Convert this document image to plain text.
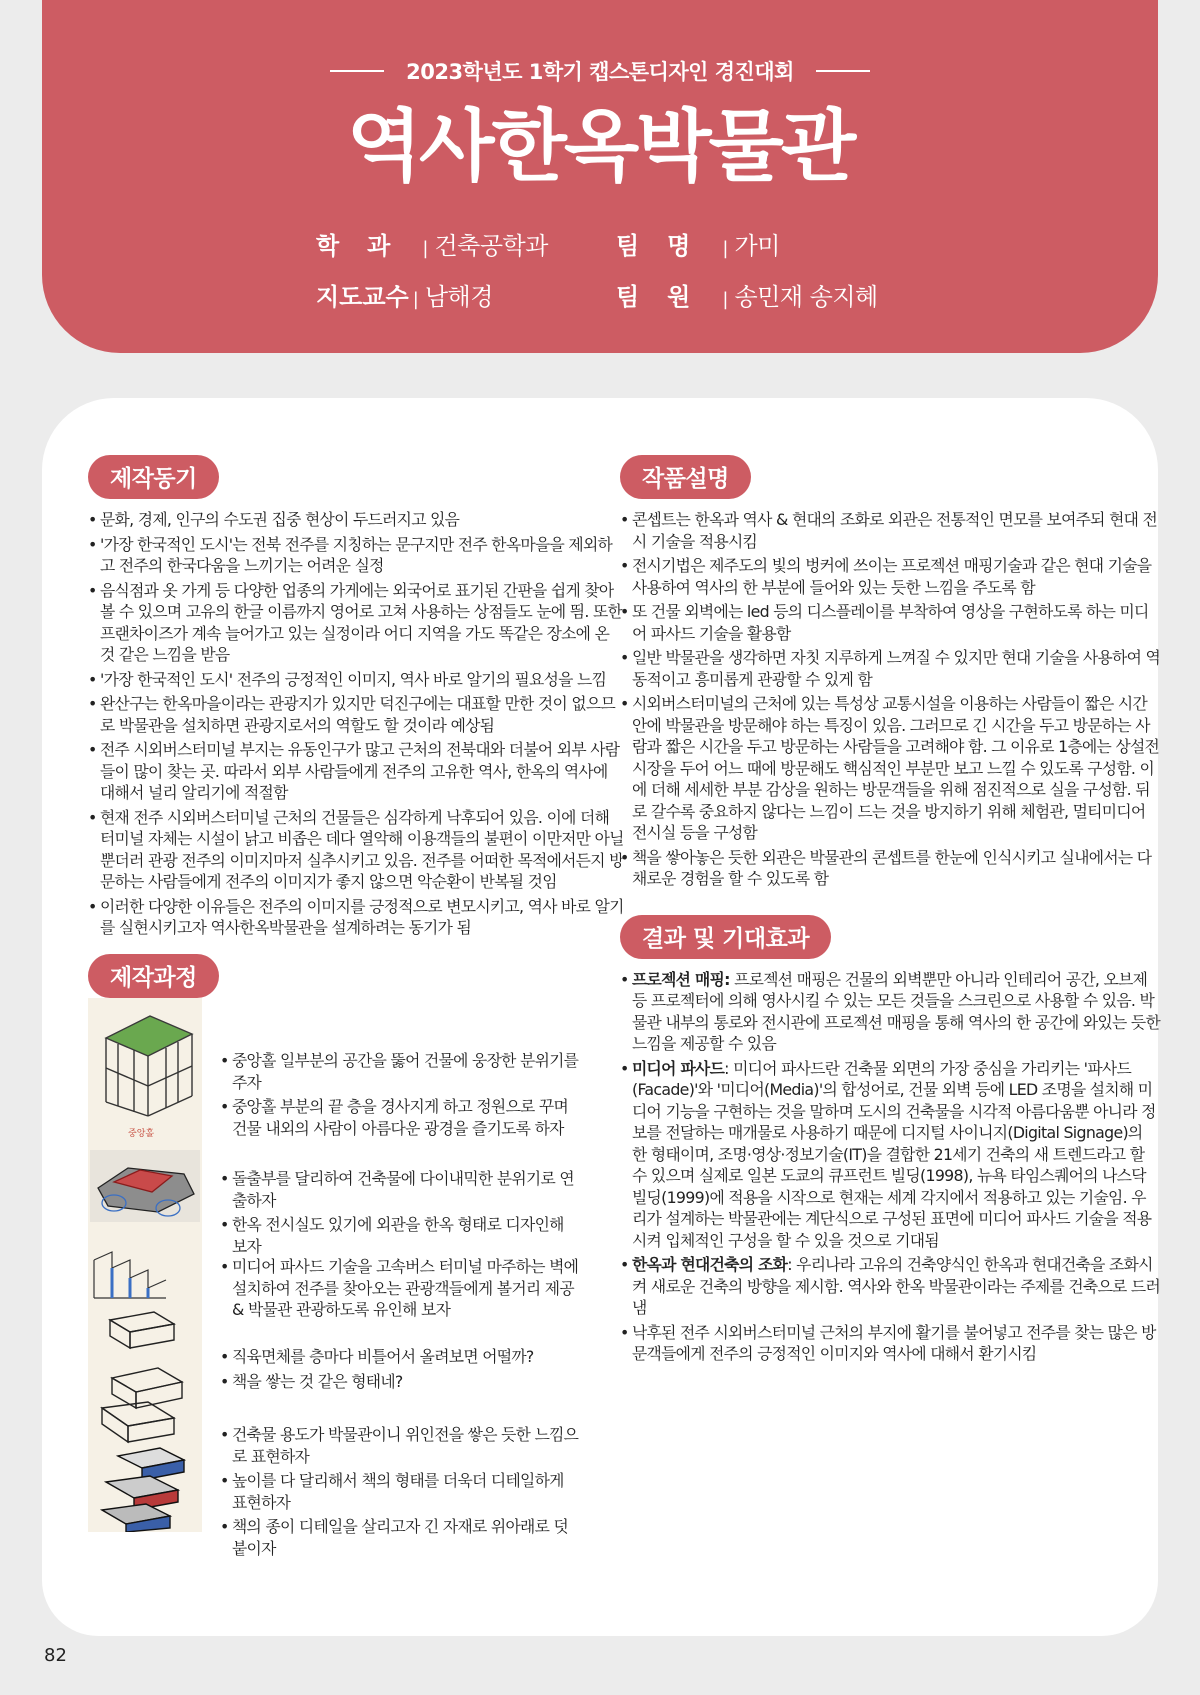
2023학년도 1학기 캡스톤디자인 경진대회
역사한옥박물관
학과 | 건축공학과	팀명 | 가미
지도교수 | 남해경	팀원 | 송민재 송지혜
제작동기
• 문화, 경제, 인구의 수도권 집중 현상이 두드러지고 있음
• '가장 한국적인 도시'는 전북 전주를 지칭하는 문구지만 전주 한옥마을을 제외하고 전주의 한국다움을 느끼기는 어려운 실정
• 음식점과 옷 가게 등 다양한 업종의 가게에는 외국어로 표기된 간판을 쉽게 찾아볼 수 있으며 고유의 한글 이름까지 영어로 고쳐 사용하는 상점들도 눈에 띔. 또한 프랜차이즈가 계속 늘어가고 있는 실정이라 어디 지역을 가도 똑같은 장소에 온 것 같은 느낌을 받음
• '가장 한국적인 도시' 전주의 긍정적인 이미지, 역사 바로 알기의 필요성을 느낌
• 완산구는 한옥마을이라는 관광지가 있지만 덕진구에는 대표할 만한 것이 없으므로 박물관을 설치하면 관광지로서의 역할도 할 것이라 예상됨
• 전주 시외버스터미널 부지는 유동인구가 많고 근처의 전북대와 더불어 외부 사람들이 많이 찾는 곳. 따라서 외부 사람들에게 전주의 고유한 역사, 한옥의 역사에 대해서 널리 알리기에 적절함
• 현재 전주 시외버스터미널 근처의 건물들은 심각하게 낙후되어 있음. 이에 더해 터미널 자체는 시설이 낡고 비좁은 데다 열악해 이용객들의 불편이 이만저만 아닐뿐더러 관광 전주의 이미지마저 실추시키고 있음. 전주를 어떠한 목적에서든지 방문하는 사람들에게 전주의 이미지가 좋지 않으면 악순환이 반복될 것임
• 이러한 다양한 이유들은 전주의 이미지를 긍정적으로 변모시키고, 역사 바로 알기를 실현시키고자 역사한옥박물관을 설계하려는 동기가 됨
제작과정
중앙홀
• 중앙홀 일부분의 공간을 뚫어 건물에 웅장한 분위기를 주자
• 중앙홀 부분의 끝 층을 경사지게 하고 정원으로 꾸며 건물 내외의 사람이 아름다운 광경을 즐기도록 하자
• 돌출부를 달리하여 건축물에 다이내믹한 분위기로 연출하자
• 한옥 전시실도 있기에 외관을 한옥 형태로 디자인해 보자
• 미디어 파사드 기술을 고속버스 터미널 마주하는 벽에 설치하여 전주를 찾아오는 관광객들에게 볼거리 제공& 박물관 관광하도록 유인해 보자
• 직육면체를 층마다 비틀어서 올려보면 어떨까?
• 책을 쌓는 것 같은 형태네?
• 건축물 용도가 박물관이니 위인전을 쌓은 듯한 느낌으로 표현하자
• 높이를 다 달리해서 책의 형태를 더욱더 디테일하게 표현하자
• 책의 종이 디테일을 살리고자 긴 자재로 위아래로 덧붙이자
작품설명
• 콘셉트는 한옥과 역사 & 현대의 조화로 외관은 전통적인 면모를 보여주되 현대 전시 기술을 적용시킴
• 전시기법은 제주도의 빛의 벙커에 쓰이는 프로젝션 매핑기술과 같은 현대 기술을 사용하여 역사의 한 부분에 들어와 있는 듯한 느낌을 주도록 함
• 또 건물 외벽에는 led 등의 디스플레이를 부착하여 영상을 구현하도록 하는 미디어 파사드 기술을 활용함
• 일반 박물관을 생각하면 자칫 지루하게 느껴질 수 있지만 현대 기술을 사용하여 역동적이고 흥미롭게 관광할 수 있게 함
• 시외버스터미널의 근처에 있는 특성상 교통시설을 이용하는 사람들이 짧은 시간 안에 박물관을 방문해야 하는 특징이 있음. 그러므로 긴 시간을 두고 방문하는 사람과 짧은 시간을 두고 방문하는 사람들을 고려해야 함. 그 이유로 1층에는 상설전시장을 두어 어느 때에 방문해도 핵심적인 부분만 보고 느낄 수 있도록 구성함. 이에 더해 세세한 부분 감상을 원하는 방문객들을 위해 점진적으로 실을 구성함. 뒤로 갈수록 중요하지 않다는 느낌이 드는 것을 방지하기 위해 체험관, 멀티미디어 전시실 등을 구성함
• 책을 쌓아놓은 듯한 외관은 박물관의 콘셉트를 한눈에 인식시키고 실내에서는 다채로운 경험을 할 수 있도록 함
결과 및 기대효과
• 프로젝션 매핑: 프로젝션 매핑은 건물의 외벽뿐만 아니라 인테리어 공간, 오브제 등 프로젝터에 의해 영사시킬 수 있는 모든 것들을 스크린으로 사용할 수 있음. 박물관 내부의 통로와 전시관에 프로젝션 매핑을 통해 역사의 한 공간에 와있는 듯한 느낌을 제공할 수 있음
• 미디어 파사드: 미디어 파사드란 건축물 외면의 가장 중심을 가리키는 '파사드(Facade)'와 '미디어(Media)'의 합성어로, 건물 외벽 등에 LED 조명을 설치해 미디어 기능을 구현하는 것을 말하며 도시의 건축물을 시각적 아름다움뿐 아니라 정보를 전달하는 매개물로 사용하기 때문에 디지털 사이니지(Digital Signage)의 한 형태이며, 조명·영상·정보기술(IT)을 결합한 21세기 건축의 새 트렌드라고 할 수 있으며 실제로 일본 도쿄의 큐프런트 빌딩(1998), 뉴욕 타임스퀘어의 나스닥 빌딩(1999)에 적용을 시작으로 현재는 세계 각지에서 적용하고 있는 기술임. 우리가 설계하는 박물관에는 계단식으로 구성된 표면에 미디어 파사드 기술을 적용시켜 입체적인 구성을 할 수 있을 것으로 기대됨
• 한옥과 현대건축의 조화: 우리나라 고유의 건축양식인 한옥과 현대건축을 조화시켜 새로운 건축의 방향을 제시함. 역사와 한옥 박물관이라는 주제를 건축으로 드러냄
• 낙후된 전주 시외버스터미널 근처의 부지에 활기를 불어넣고 전주를 찾는 많은 방문객들에게 전주의 긍정적인 이미지와 역사에 대해서 환기시킴
82
